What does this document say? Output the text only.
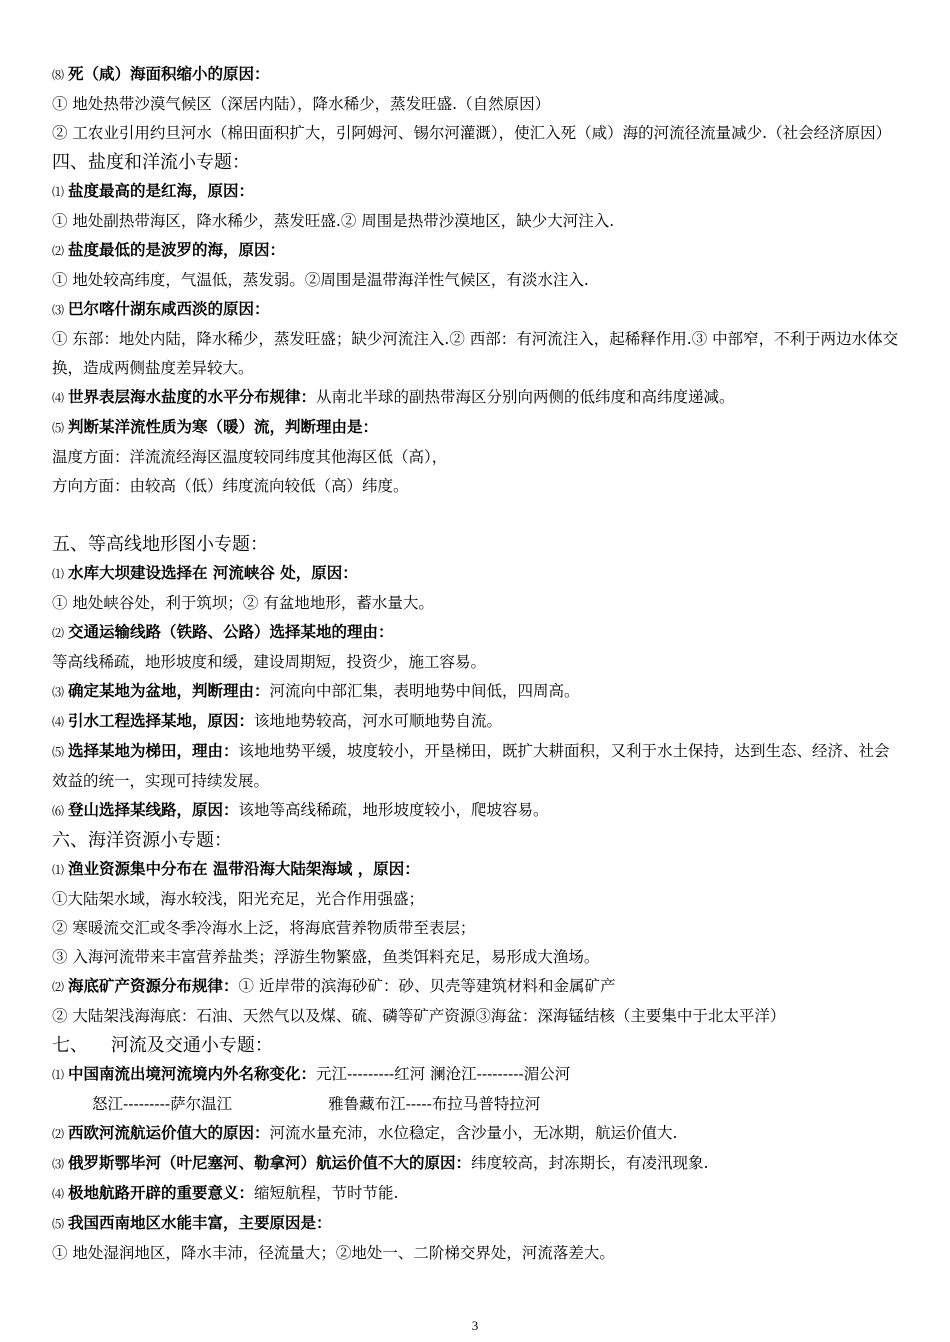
⑻ 死（咸）海面积缩小的原因：

① 地处热带沙漠气候区（深居内陆），降水稀少，蒸发旺盛.（自然原因）

② 工农业引用约旦河水（棉田面积扩大，引阿姆河、锡尔河灌溉），使汇入死（咸）海的河流径流量减少.（社会经济原因）

四、盐度和洋流小专题：

⑴ 盐度最高的是红海，原因：

① 地处副热带海区，降水稀少，蒸发旺盛.② 周围是热带沙漠地区，缺少大河注入.

⑵ 盐度最低的是波罗的海，原因：

① 地处较高纬度，气温低，蒸发弱。②周围是温带海洋性气候区，有淡水注入.

⑶ 巴尔喀什湖东咸西淡的原因：

① 东部：地处内陆，降水稀少，蒸发旺盛；缺少河流注入.② 西部：有河流注入，起稀释作用.③ 中部窄，不利于两边水体交换，造成两侧盐度差异较大。

⑷ 世界表层海水盐度的水平分布规律：从南北半球的副热带海区分别向两侧的低纬度和高纬度递减。

⑸ 判断某洋流性质为寒（暖）流，判断理由是：

温度方面：洋流流经海区温度较同纬度其他海区低（高），

方向方面：由较高（低）纬度流向较低（高）纬度。

五、等高线地形图小专题：

⑴ 水库大坝建设选择在 河流峡谷 处，原因：

① 地处峡谷处，利于筑坝；② 有盆地地形，蓄水量大。

⑵ 交通运输线路（铁路、公路）选择某地的理由：

等高线稀疏，地形坡度和缓，建设周期短，投资少，施工容易。

⑶ 确定某地为盆地，判断理由：河流向中部汇集，表明地势中间低，四周高。

⑷ 引水工程选择某地，原因：该地地势较高，河水可顺地势自流。

⑸ 选择某地为梯田，理由：该地地势平缓，坡度较小，开垦梯田，既扩大耕面积，又利于水土保持，达到生态、经济、社会效益的统一，实现可持续发展。

⑹ 登山选择某线路，原因：该地等高线稀疏，地形坡度较小，爬坡容易。

六、海洋资源小专题：

⑴ 渔业资源集中分布在 温带沿海大陆架海域 ，原因：

①大陆架水域，海水较浅，阳光充足，光合作用强盛；

② 寒暖流交汇或冬季冷海水上泛，将海底营养物质带至表层；

③ 入海河流带来丰富营养盐类；浮游生物繁盛，鱼类饵料充足，易形成大渔场。

⑵ 海底矿产资源分布规律：① 近岸带的滨海砂矿：砂、贝壳等建筑材料和金属矿产

② 大陆架浅海海底：石油、天然气以及煤、硫、磷等矿产资源③海盆：深海锰结核（主要集中于北太平洋）

七、    河流及交通小专题：

⑴ 中国南流出境河流境内外名称变化：元江---------红河 澜沧江---------湄公河

怒江---------萨尔温江	雅鲁藏布江-----布拉马普特拉河

⑵ 西欧河流航运价值大的原因：河流水量充沛，水位稳定，含沙量小，无冰期，航运价值大.

⑶ 俄罗斯鄂毕河（叶尼塞河、勒拿河）航运价值不大的原因：纬度较高，封冻期长，有凌汛现象.

⑷ 极地航路开辟的重要意义：缩短航程，节时节能.

⑸ 我国西南地区水能丰富，主要原因是：

① 地处湿润地区，降水丰沛，径流量大；②地处一、二阶梯交界处，河流落差大。

3
